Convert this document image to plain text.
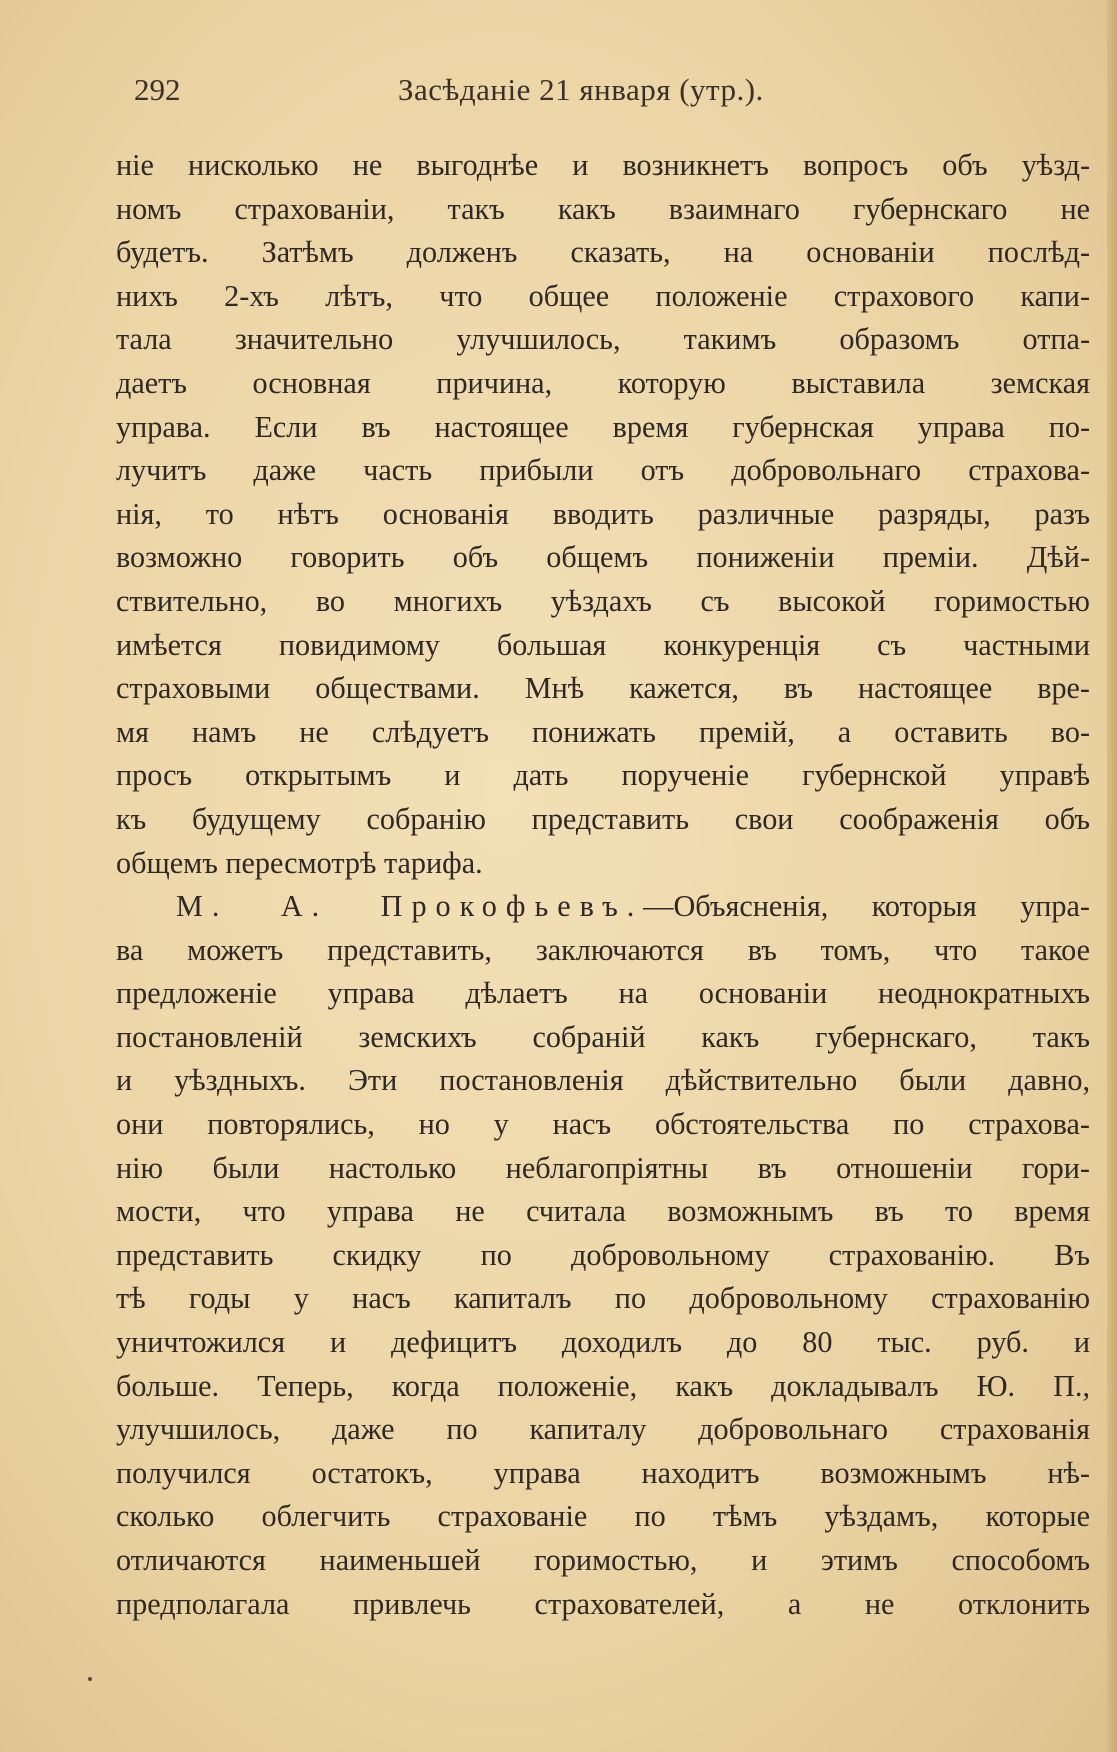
292	Засѣданіе 21 января (утр.).
ніе нисколько не выгоднѣе и возникнетъ вопросъ объ уѣзд-
номъ страхованіи, такъ какъ взаимнаго губернскаго не
будетъ. Затѣмъ долженъ сказать, на основаніи послѣд-
нихъ 2-хъ лѣтъ, что общее положеніе страхового капи-
тала значительно улучшилось, такимъ образомъ отпа-
даетъ основная причина, которую выставила земская
управа. Если въ настоящее время губернская управа по-
лучитъ даже часть прибыли отъ добровольнаго страхова-
нія, то нѣтъ основанія вводить различные разряды, разъ
возможно говорить объ общемъ пониженіи преміи. Дѣй-
ствительно, во многихъ уѣздахъ съ высокой горимостью
имѣется повидимому большая конкуренція съ частными
страховыми обществами. Мнѣ кажется, въ настоящее вре-
мя намъ не слѣдуетъ понижать премій, а оставить во-
просъ открытымъ и дать порученіе губернской управѣ
къ будущему собранію представить свои соображенія объ
общемъ пересмотрѣ тарифа.
М. А. Прокофьевъ.—Объясненія, которыя упра-
ва можетъ представить, заключаются въ томъ, что такое
предложеніе управа дѣлаетъ на основаніи неоднократныхъ
постановленій земскихъ собраній какъ губернскаго, такъ
и уѣздныхъ. Эти постановленія дѣйствительно были давно,
они повторялись, но у насъ обстоятельства по страхова-
нію были настолько неблагопріятны въ отношеніи гори-
мости, что управа не считала возможнымъ въ то время
представить скидку по добровольному страхованію. Въ
тѣ годы у насъ капиталъ по добровольному страхованію
уничтожился и дефицитъ доходилъ до 80 тыс. руб. и
больше. Теперь, когда положеніе, какъ докладывалъ Ю. П.,
улучшилось, даже по капиталу добровольнаго страхованія
получился остатокъ, управа находитъ возможнымъ нѣ-
сколько облегчить страхованіе по тѣмъ уѣздамъ, которые
отличаются наименьшей горимостью, и этимъ способомъ
предполагала привлечь страхователей, а не отклонить
